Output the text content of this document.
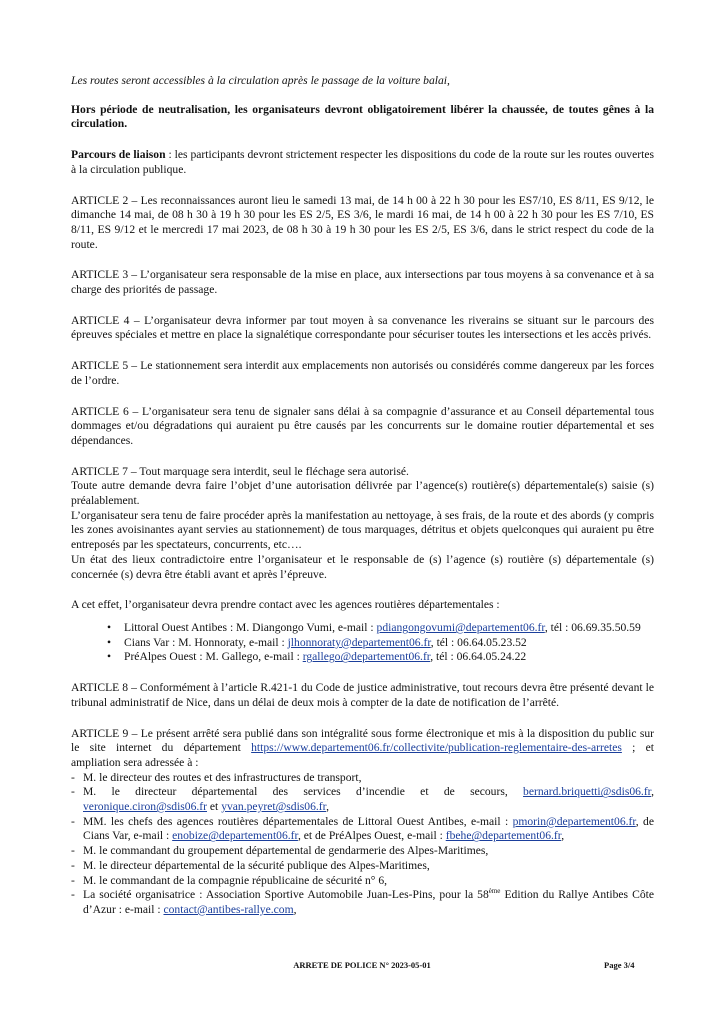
Les routes seront accessibles à la circulation après le passage de la voiture balai,

Hors période de neutralisation, les organisateurs devront obligatoirement libérer la chaussée, de toutes gênes à la circulation.

Parcours de liaison : les participants devront strictement respecter les dispositions du code de la route sur les routes ouvertes à la circulation publique.

ARTICLE 2 – Les reconnaissances auront lieu le samedi 13 mai, de 14 h 00 à 22 h 30 pour les ES7/10, ES 8/11, ES 9/12, le dimanche 14 mai, de 08 h 30 à 19 h 30 pour les ES 2/5, ES 3/6, le mardi 16 mai, de 14 h 00 à 22 h 30 pour les ES 7/10, ES 8/11, ES 9/12 et le mercredi 17 mai 2023, de 08 h 30 à 19 h 30 pour les ES 2/5, ES 3/6, dans le strict respect du code de la route.

ARTICLE 3 – L’organisateur sera responsable de la mise en place, aux intersections par tous moyens à sa convenance et à sa charge des priorités de passage.

ARTICLE 4 – L’organisateur devra informer par tout moyen à sa convenance les riverains se situant sur le parcours des épreuves spéciales et mettre en place la signalétique correspondante pour sécuriser toutes les intersections et les accès privés.

ARTICLE 5 – Le stationnement sera interdit aux emplacements non autorisés ou considérés comme dangereux par les forces de l’ordre.

ARTICLE 6 – L’organisateur sera tenu de signaler sans délai à sa compagnie d’assurance et au Conseil départemental tous dommages et/ou dégradations qui auraient pu être causés par les concurrents sur le domaine routier départemental et ses dépendances.

ARTICLE 7 – Tout marquage sera interdit, seul le fléchage sera autorisé.
Toute autre demande devra faire l’objet d’une autorisation délivrée par l’agence(s) routière(s) départementale(s) saisie (s) préalablement.
L’organisateur sera tenu de faire procéder après la manifestation au nettoyage, à ses frais, de la route et des abords (y compris les zones avoisinantes ayant servies au stationnement) de tous marquages, détritus et objets quelconques qui auraient pu être entreposés par les spectateurs, concurrents, etc….
Un état des lieux contradictoire entre l’organisateur et le responsable de (s) l’agence (s) routière (s) départementale (s) concernée (s) devra être établi avant et après l’épreuve.

A cet effet, l’organisateur devra prendre contact avec les agences routières départementales :

• Littoral Ouest Antibes : M. Diangongo Vumi, e-mail : pdiangongovumi@departement06.fr, tél : 06.69.35.50.59
• Cians Var : M. Honnoraty, e-mail : jlhonnoraty@departement06.fr, tél : 06.64.05.23.52
• PréAlpes Ouest : M. Gallego, e-mail : rgallego@departement06.fr, tél : 06.64.05.24.22

ARTICLE 8 – Conformément à l’article R.421-1 du Code de justice administrative, tout recours devra être présenté devant le tribunal administratif de Nice, dans un délai de deux mois à compter de la date de notification de l’arrêté.

ARTICLE 9 – Le présent arrêté sera publié dans son intégralité sous forme électronique et mis à la disposition du public sur le site internet du département https://www.departement06.fr/collectivite/publication-reglementaire-des-arretes ; et ampliation sera adressée à :
- M. le directeur des routes et des infrastructures de transport,
- M. le directeur départemental des services d’incendie et de secours, bernard.briquetti@sdis06.fr, veronique.ciron@sdis06.fr et yvan.peyret@sdis06.fr,
- MM. les chefs des agences routières départementales de Littoral Ouest Antibes, e-mail : pmorin@departement06.fr, de Cians Var, e-mail : enobize@departement06.fr, et de PréAlpes Ouest, e-mail : fbehe@departement06.fr,
- M. le commandant du groupement départemental de gendarmerie des Alpes-Maritimes,
- M. le directeur départemental de la sécurité publique des Alpes-Maritimes,
- M. le commandant de la compagnie républicaine de sécurité n° 6,
- La société organisatrice : Association Sportive Automobile Juan-Les-Pins, pour la 58ème Edition du Rallye Antibes Côte d’Azur : e-mail : contact@antibes-rallye.com,
ARRETE DE POLICE N° 2023-05-01	Page 3/4
